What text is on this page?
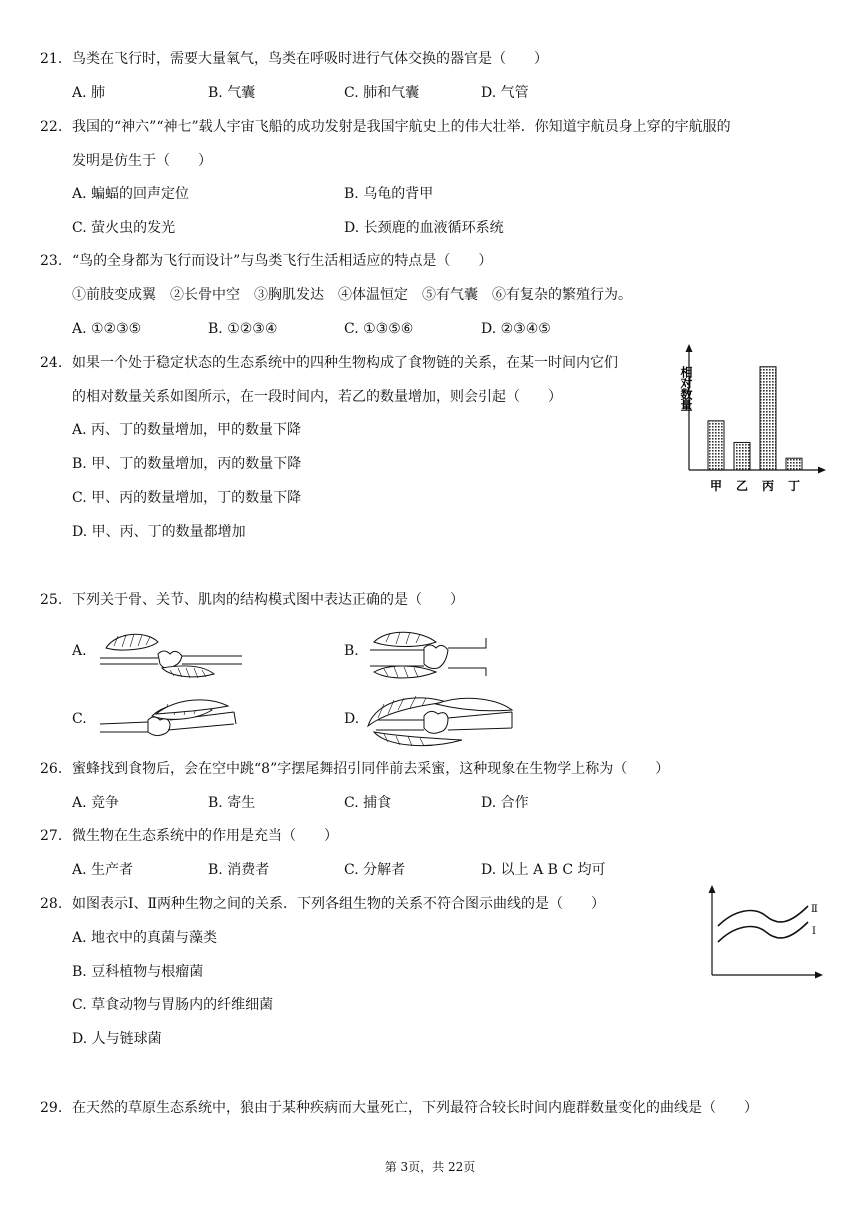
21. 鸟类在飞行时，需要大量氧气，鸟类在呼吸时进行气体交换的器官是（　　）
A. 肺	B. 气囊	C. 肺和气囊	D. 气管
22. 我国的“神六”“神七”载人宇宙飞船的成功发射是我国宇航史上的伟大壮举．你知道宇航员身上穿的宇航服的
发明是仿生于（　　）
A. 蝙蝠的回声定位	B. 乌龟的背甲
C. 萤火虫的发光	D. 长颈鹿的血液循环系统
23. “鸟的全身都为飞行而设计”与鸟类飞行生活相适应的特点是（　　）
①前肢变成翼　②长骨中空　③胸肌发达　④体温恒定　⑤有气囊　⑥有复杂的繁殖行为。
A. ①②③⑤	B. ①②③④	C. ①③⑤⑥	D. ②③④⑤
24. 如果一个处于稳定状态的生态系统中的四种生物构成了食物链的关系，在某一时间内它们
的相对数量关系如图所示，在一段时间内，若乙的数量增加，则会引起（　　）
A. 丙、丁的数量增加，甲的数量下降
B. 甲、丁的数量增加，丙的数量下降
C. 甲、丙的数量增加，丁的数量下降
D. 甲、丙、丁的数量都增加
相对数量
甲 乙 丙 丁
25. 下列关于骨、关节、肌肉的结构模式图中表达正确的是（　　）
A.	B.
C.	D.
26. 蜜蜂找到食物后，会在空中跳“8”字摆尾舞招引同伴前去采蜜，这种现象在生物学上称为（　　）
A. 竞争	B. 寄生	C. 捕食	D. 合作
27. 微生物在生态系统中的作用是充当（　　）
A. 生产者	B. 消费者	C. 分解者	D. 以上 A B C 均可
28. 如图表示Ⅰ、Ⅱ两种生物之间的关系．下列各组生物的关系不符合图示曲线的是（　　）
A. 地衣中的真菌与藻类
B. 豆科植物与根瘤菌
C. 草食动物与胃肠内的纤维细菌
D. 人与链球菌
Ⅱ
Ⅰ
29. 在天然的草原生态系统中，狼由于某种疾病而大量死亡，下列最符合较长时间内鹿群数量变化的曲线是（　　）
第 3页，共 22页
